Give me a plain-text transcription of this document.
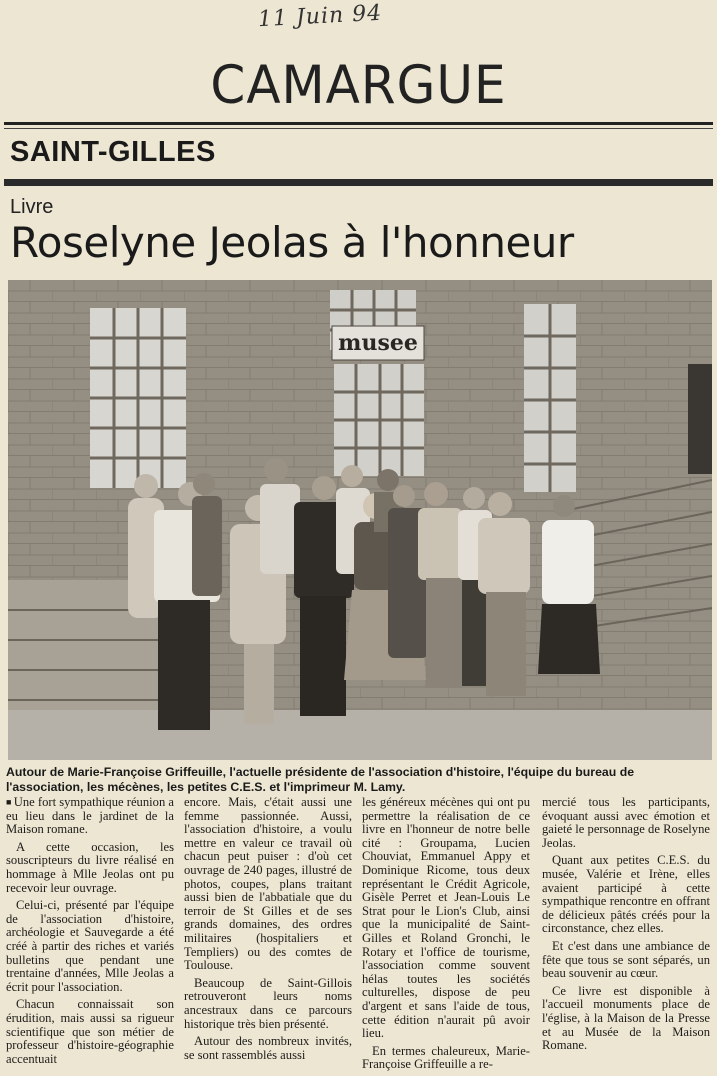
11 Juin 94
CAMARGUE
SAINT-GILLES
Livre
Roselyne Jeolas à l'honneur
musee
Autour de Marie-Françoise Griffeuille, l'actuelle présidente de l'association d'histoire, l'équipe du bureau de l'association, les mécènes, les petites C.E.S. et l'imprimeur M. Lamy.

■ Une fort sympathique réunion a eu lieu dans le jardinet de la Maison romane.

A cette occasion, les souscripteurs du livre réalisé en hommage à Mlle Jeolas ont pu recevoir leur ouvrage.

Celui-ci, présenté par l'équipe de l'association d'histoire, archéologie et Sauvegarde a été créé à partir des riches et variés bulletins que pendant une trentaine d'années, Mlle Jeolas a écrit pour l'association.

Chacun connaissait son érudition, mais aussi sa rigueur scientifique que son métier de professeur d'histoire-géographie accentuait

encore. Mais, c'était aussi une femme passionnée. Aussi, l'association d'histoire, a voulu mettre en valeur ce travail où chacun peut puiser : d'où cet ouvrage de 240 pages, illustré de photos, coupes, plans traitant aussi bien de l'abbatiale que du terroir de St Gilles et de ses grands domaines, des ordres militaires (hospitaliers et Templiers) ou des comtes de Toulouse.

Beaucoup de Saint-Gillois retrouveront leurs noms ancestraux dans ce parcours historique très bien présenté.

Autour des nombreux invités, se sont rassemblés aussi

les généreux mécènes qui ont pu permettre la réalisation de ce livre en l'honneur de notre belle cité : Groupama, Lucien Chouviat, Emmanuel Appy et Dominique Ricome, tous deux représentant le Crédit Agricole, Gisèle Perret et Jean-Louis Le Strat pour le Lion's Club, ainsi que la municipalité de Saint-Gilles et Roland Gronchi, le Rotary et l'office de tourisme, l'association comme souvent hélas toutes les sociétés culturelles, dispose de peu d'argent et sans l'aide de tous, cette édition n'aurait pû avoir lieu.

En termes chaleureux, Marie-Françoise Griffeuille a re-

mercié tous les participants, évoquant aussi avec émotion et gaieté le personnage de Roselyne Jeolas.

Quant aux petites C.E.S. du musée, Valérie et Irène, elles avaient participé à cette sympathique rencontre en offrant de délicieux pâtés créés pour la circonstance, chez elles.

Et c'est dans une ambiance de fête que tous se sont séparés, un beau souvenir au cœur.

Ce livre est disponible à l'accueil monuments place de l'église, à la Maison de la Presse et au Musée de la Maison Romane.
